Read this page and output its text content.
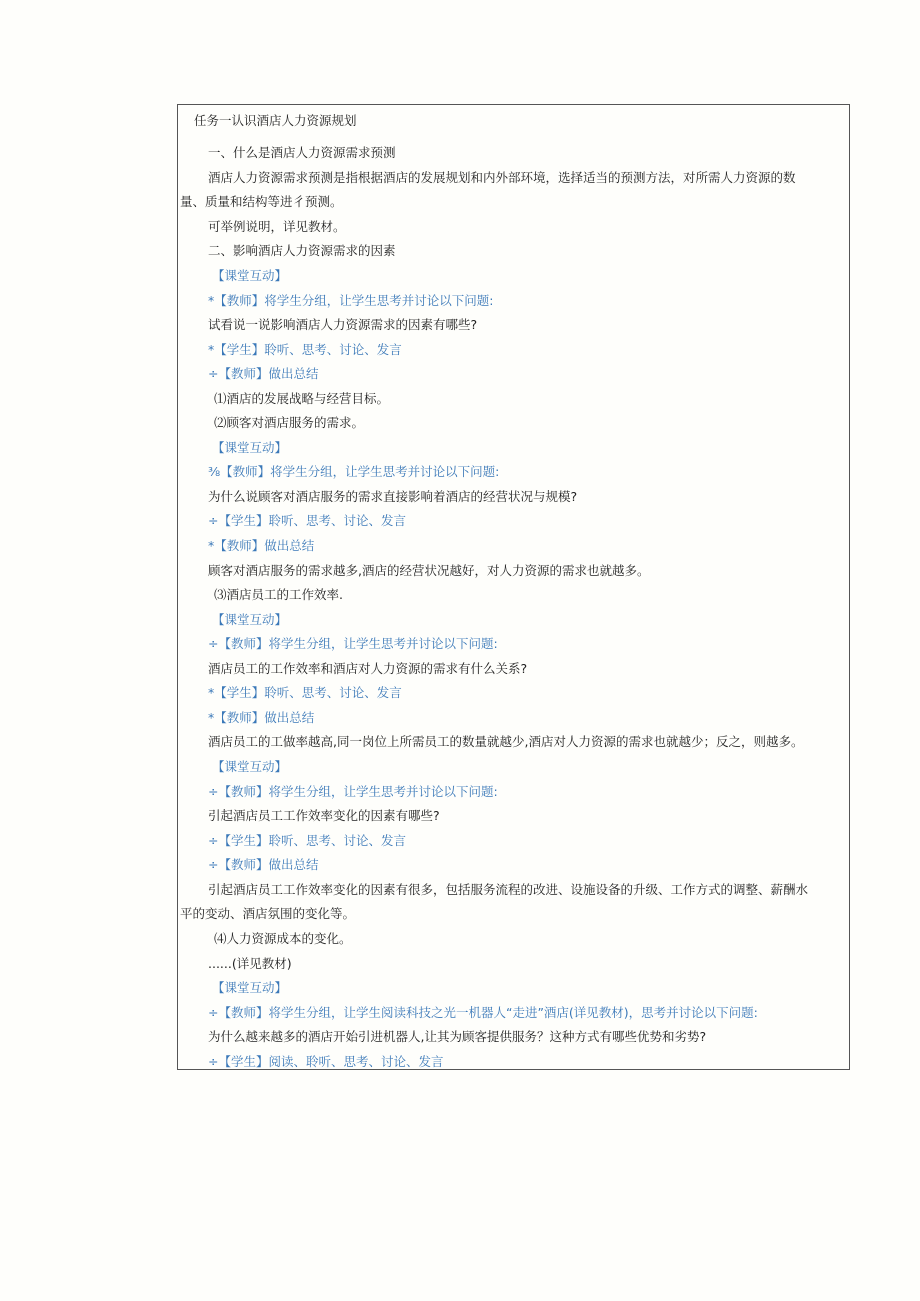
任务一认识酒店人力资源规划
一、什么是酒店人力资源需求预测
酒店人力资源需求预测是指根据酒店的发展规划和内外部环境，选择适当的预测方法，对所需人力资源的数
量、质量和结构等进彳预测。
可举例说明，详见教材。
二、影响酒店人力资源需求的因素
【课堂互动】
*【教师】将学生分组，让学生思考并讨论以下问题:
试看说一说影响酒店人力资源需求的因素有哪些?
*【学生】聆听、思考、讨论、发言
÷【教师】做出总结
⑴酒店的发展战略与经营目标。
⑵顾客对酒店服务的需求。
【课堂互动】
⅜【教师】将学生分组，让学生思考并讨论以下问题:
为什么说顾客对酒店服务的需求直接影响着酒店的经营状况与规模?
÷【学生】聆听、思考、讨论、发言
*【教师】做出总结
顾客对酒店服务的需求越多,酒店的经营状况越好，对人力资源的需求也就越多。
⑶酒店员工的工作效率.
【课堂互动】
÷【教师】将学生分组，让学生思考并讨论以下问题:
酒店员工的工作效率和酒店对人力资源的需求有什么关系?
*【学生】聆听、思考、讨论、发言
*【教师】做出总结
酒店员工的工做率越高,同一岗位上所需员工的数量就越少,酒店对人力资源的需求也就越少；反之，则越多。
【课堂互动】
÷【教师】将学生分组，让学生思考并讨论以下问题:
引起酒店员工工作效率变化的因素有哪些?
÷【学生】聆听、思考、讨论、发言
÷【教师】做出总结
引起酒店员工工作效率变化的因素有很多，包括服务流程的改进、设施设备的升级、工作方式的调整、薪酬水
平的变动、酒店氛围的变化等。
⑷人力资源成本的变化。
......(详见教材)
【课堂互动】
÷【教师】将学生分组，让学生阅读科技之光一机器人“走进”酒店(详见教材)，思考并讨论以下问题:
为什么越来越多的酒店开始引进机器人,让其为顾客提供服务？这种方式有哪些优势和劣势?
÷【学生】阅读、聆听、思考、讨论、发言
